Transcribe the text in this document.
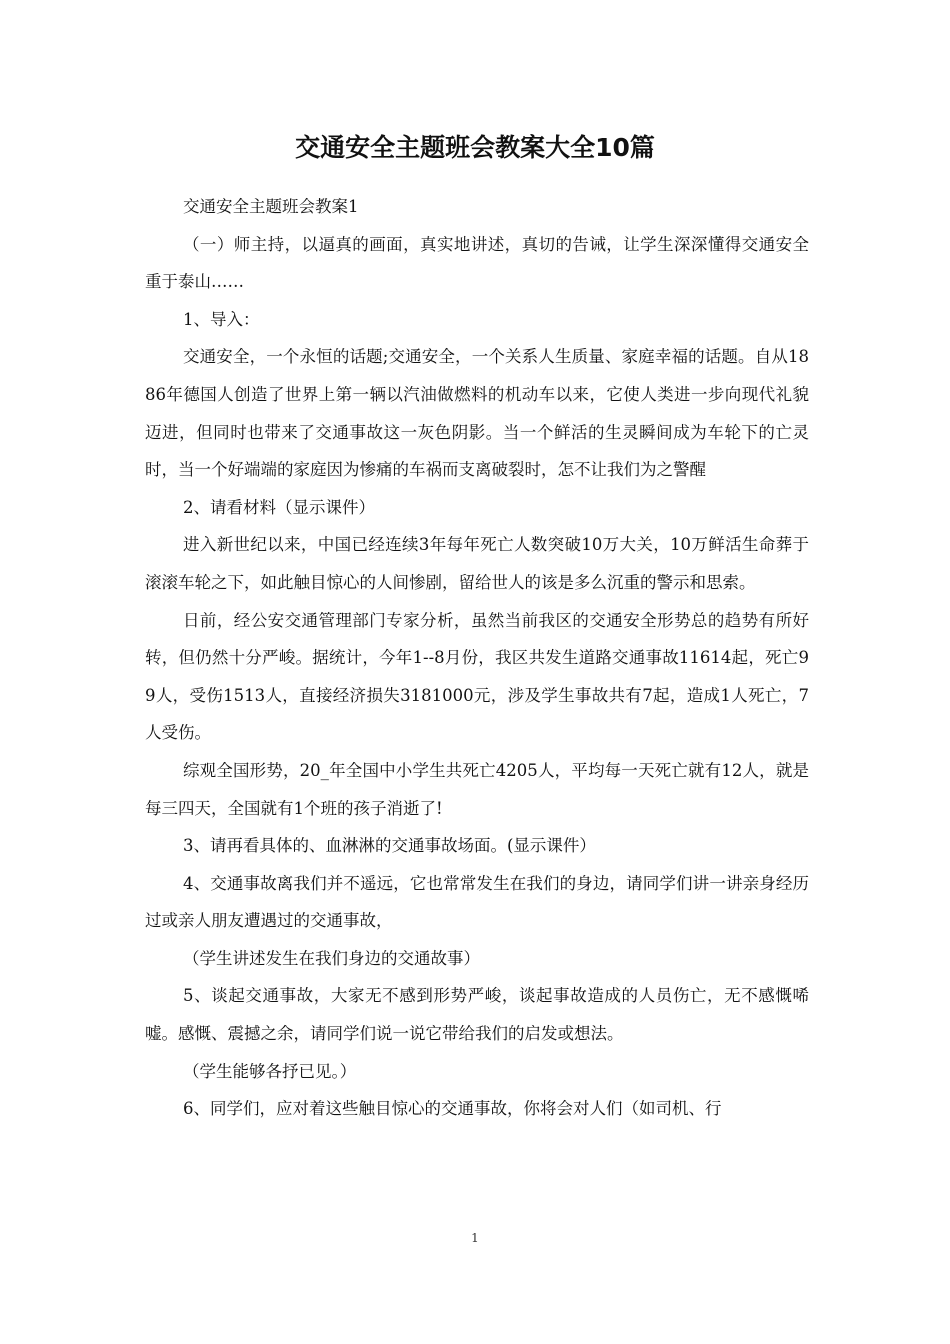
交通安全主题班会教案大全10篇

交通安全主题班会教案1

（一）师主持，以逼真的画面，真实地讲述，真切的告诫，让学生深深懂得交通安全重于泰山……

1、导入：

交通安全，一个永恒的话题;交通安全，一个关系人生质量、家庭幸福的话题。自从1886年德国人创造了世界上第一辆以汽油做燃料的机动车以来，它使人类进一步向现代礼貌迈进，但同时也带来了交通事故这一灰色阴影。当一个鲜活的生灵瞬间成为车轮下的亡灵时，当一个好端端的家庭因为惨痛的车祸而支离破裂时，怎不让我们为之警醒

2、请看材料（显示课件）

进入新世纪以来，中国已经连续3年每年死亡人数突破10万大关，10万鲜活生命葬于滚滚车轮之下，如此触目惊心的人间惨剧，留给世人的该是多么沉重的警示和思索。

日前，经公安交通管理部门专家分析，虽然当前我区的交通安全形势总的趋势有所好转，但仍然十分严峻。据统计，今年1--8月份，我区共发生道路交通事故11614起，死亡99人，受伤1513人，直接经济损失3181000元，涉及学生事故共有7起，造成1人死亡，7人受伤。

综观全国形势，20_年全国中小学生共死亡4205人，平均每一天死亡就有12人，就是每三四天，全国就有1个班的孩子消逝了!

3、请再看具体的、血淋淋的交通事故场面。(显示课件）

4、交通事故离我们并不遥远，它也常常发生在我们的身边，请同学们讲一讲亲身经历过或亲人朋友遭遇过的交通事故，

（学生讲述发生在我们身边的交通故事）

5、谈起交通事故，大家无不感到形势严峻，谈起事故造成的人员伤亡，无不感慨唏嘘。感慨、震撼之余，请同学们说一说它带给我们的启发或想法。

（学生能够各抒已见。）

6、同学们，应对着这些触目惊心的交通事故，你将会对人们（如司机、行

1
